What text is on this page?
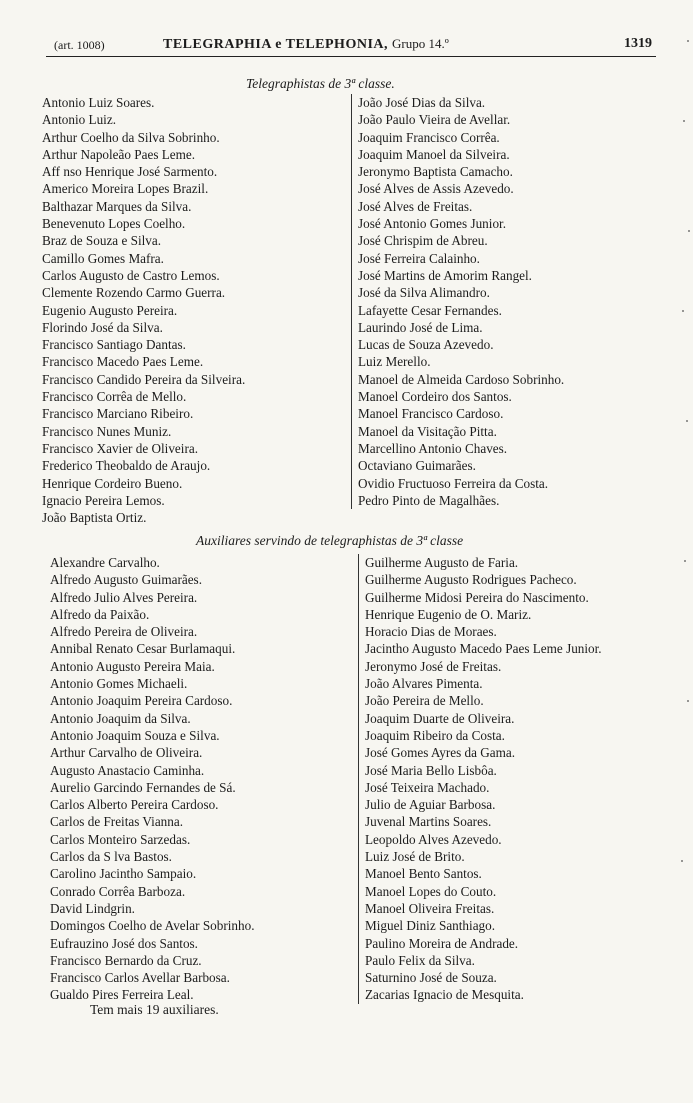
(art. 1008)	TELEGRAPHIA e TELEPHONIA, Grupo 14.º	1319
Telegraphistas de 3ª classe.
Antonio Luiz Soares.
Antonio Luiz.
Arthur Coelho da Silva Sobrinho.
Arthur Napoleão Paes Leme.
Aff nso Henrique José Sarmento.
Americo Moreira Lopes Brazil.
Balthazar Marques da Silva.
Benevenuto Lopes Coelho.
Braz de Souza e Silva.
Camillo Gomes Mafra.
Carlos Augusto de Castro Lemos.
Clemente Rozendo Carmo Guerra.
Eugenio Augusto Pereira.
Florindo José da Silva.
Francisco Santiago Dantas.
Francisco Macedo Paes Leme.
Francisco Candido Pereira da Silveira.
Francisco Corrêa de Mello.
Francisco Marciano Ribeiro.
Francisco Nunes Muniz.
Francisco Xavier de Oliveira.
Frederico Theobaldo de Araujo.
Henrique Cordeiro Bueno.
Ignacio Pereira Lemos.
João Baptista Ortiz.
João José Dias da Silva.
João Paulo Vieira de Avellar.
Joaquim Francisco Corrêa.
Joaquim Manoel da Silveira.
Jeronymo Baptista Camacho.
José Alves de Assis Azevedo.
José Alves de Freitas.
José Antonio Gomes Junior.
José Chrispim de Abreu.
José Ferreira Calainho.
José Martins de Amorim Rangel.
José da Silva Alimandro.
Lafayette Cesar Fernandes.
Laurindo José de Lima.
Lucas de Souza Azevedo.
Luiz Merello.
Manoel de Almeida Cardoso Sobrinho.
Manoel Cordeiro dos Santos.
Manoel Francisco Cardoso.
Manoel da Visitação Pitta.
Marcellino Antonio Chaves.
Octaviano Guimarães.
Ovidio Fructuoso Ferreira da Costa.
Pedro Pinto de Magalhães.
Auxiliares servindo de telegraphistas de 3ª classe
Alexandre Carvalho.
Alfredo Augusto Guimarães.
Alfredo Julio Alves Pereira.
Alfredo da Paixão.
Alfredo Pereira de Oliveira.
Annibal Renato Cesar Burlamaqui.
Antonio Augusto Pereira Maia.
Antonio Gomes Michaeli.
Antonio Joaquim Pereira Cardoso.
Antonio Joaquim da Silva.
Antonio Joaquim Souza e Silva.
Arthur Carvalho de Oliveira.
Augusto Anastacio Caminha.
Aurelio Garcindo Fernandes de Sá.
Carlos Alberto Pereira Cardoso.
Carlos de Freitas Vianna.
Carlos Monteiro Sarzedas.
Carlos da S lva Bastos.
Carolino Jacintho Sampaio.
Conrado Corrêa Barboza.
David Lindgrin.
Domingos Coelho de Avelar Sobrinho.
Eufrauzino José dos Santos.
Francisco Bernardo da Cruz.
Francisco Carlos Avellar Barbosa.
Gualdo Pires Ferreira Leal.
Guilherme Augusto de Faria.
Guilherme Augusto Rodrigues Pacheco.
Guilherme Midosi Pereira do Nascimento.
Henrique Eugenio de O. Mariz.
Horacio Dias de Moraes.
Jacintho Augusto Macedo Paes Leme Junior.
Jeronymo José de Freitas.
João Alvares Pimenta.
João Pereira de Mello.
Joaquim Duarte de Oliveira.
Joaquim Ribeiro da Costa.
José Gomes Ayres da Gama.
José Maria Bello Lisbôa.
José Teixeira Machado.
Julio de Aguiar Barbosa.
Juvenal Martins Soares.
Leopoldo Alves Azevedo.
Luiz José de Brito.
Manoel Bento Santos.
Manoel Lopes do Couto.
Manoel Oliveira Freitas.
Miguel Diniz Santhiago.
Paulino Moreira de Andrade.
Paulo Felix da Silva.
Saturnino José de Souza.
Zacarias Ignacio de Mesquita.
Tem mais 19 auxiliares.
